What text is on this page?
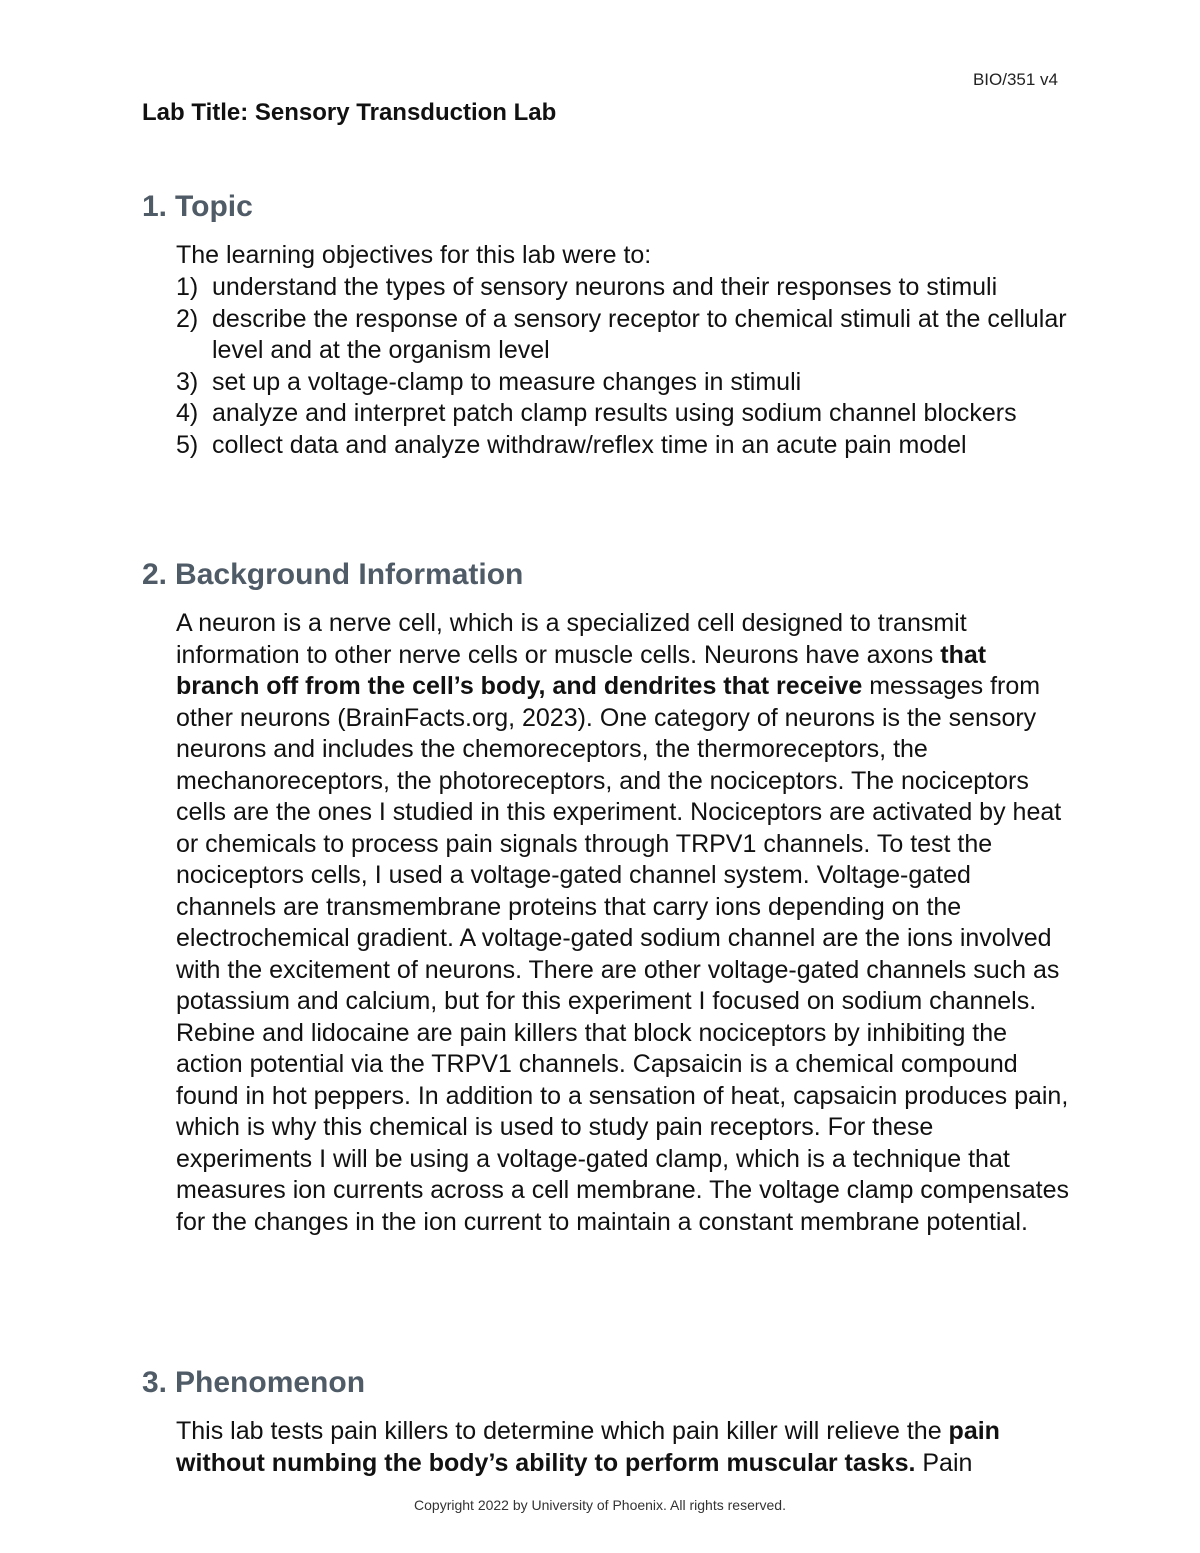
BIO/351 v4
Lab Title: Sensory Transduction Lab
1. Topic

The learning objectives for this lab were to:

1) understand the types of sensory neurons and their responses to stimuli
2) describe the response of a sensory receptor to chemical stimuli at the cellular level and at the organism level
3) set up a voltage-clamp to measure changes in stimuli
4) analyze and interpret patch clamp results using sodium channel blockers
5) collect data and analyze withdraw/reflex time in an acute pain model
2. Background Information

A neuron is a nerve cell, which is a specialized cell designed to transmit information to other nerve cells or muscle cells. Neurons have axons that branch off from the cell’s body, and dendrites that receive messages from other neurons (BrainFacts.org, 2023). One category of neurons is the sensory neurons and includes the chemoreceptors, the thermoreceptors, the mechanoreceptors, the photoreceptors, and the nociceptors. The nociceptors cells are the ones I studied in this experiment. Nociceptors are activated by heat or chemicals to process pain signals through TRPV1 channels. To test the nociceptors cells, I used a voltage-gated channel system. Voltage-gated channels are transmembrane proteins that carry ions depending on the electrochemical gradient. A voltage-gated sodium channel are the ions involved with the excitement of neurons. There are other voltage-gated channels such as potassium and calcium, but for this experiment I focused on sodium channels. Rebine and lidocaine are pain killers that block nociceptors by inhibiting the action potential via the TRPV1 channels. Capsaicin is a chemical compound found in hot peppers. In addition to a sensation of heat, capsaicin produces pain, which is why this chemical is used to study pain receptors. For these experiments I will be using a voltage-gated clamp, which is a technique that measures ion currents across a cell membrane. The voltage clamp compensates for the changes in the ion current to maintain a constant membrane potential.

3. Phenomenon

This lab tests pain killers to determine which pain killer will relieve the pain without numbing the body’s ability to perform muscular tasks. Pain

Copyright 2022 by University of Phoenix. All rights reserved.
